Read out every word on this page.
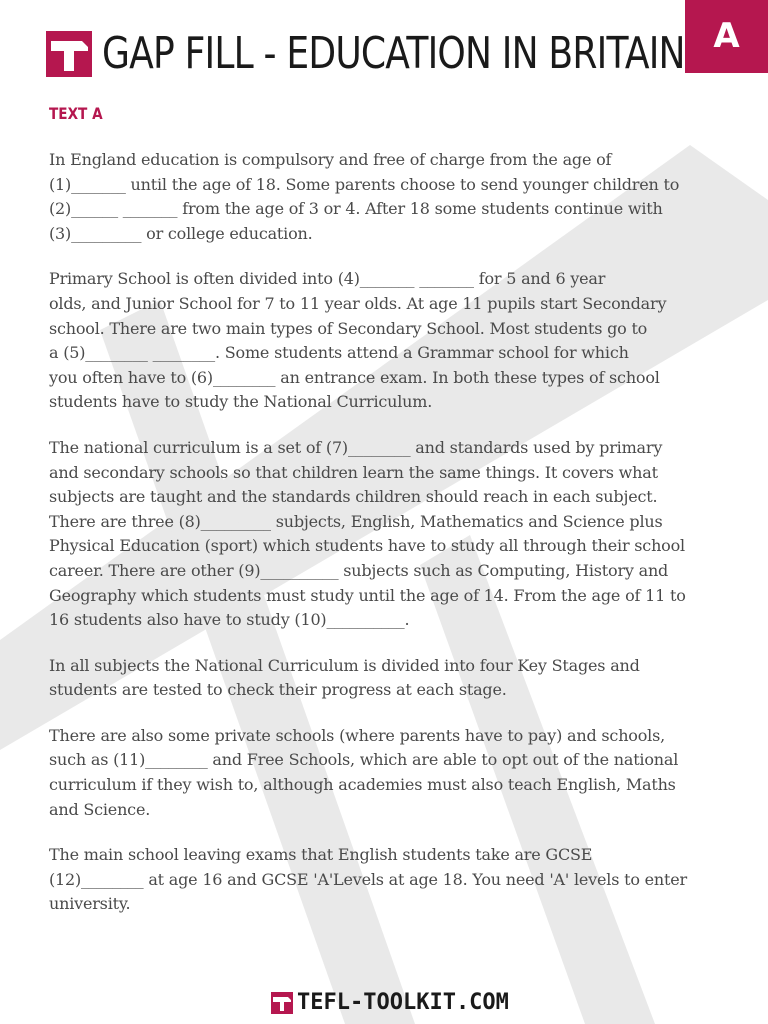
A
GAP FILL - EDUCATION IN BRITAIN
TEXT A

In England education is compulsory and free of charge from the age of
(1)_______ until the age of 18. Some parents choose to send younger children to
(2)______ _______ from the age of 3 or 4. After 18 some students continue with
(3)_________ or college education.

Primary School is often divided into (4)_______ _______ for 5 and 6 year
olds, and Junior School for 7 to 11 year olds. At age 11 pupils start Secondary
school. There are two main types of Secondary School. Most students go to
a (5)________ ________. Some students attend a Grammar school for which
you often have to (6)________ an entrance exam. In both these types of school
students have to study the National Curriculum.

The national curriculum is a set of (7)________ and standards used by primary
and secondary schools so that children learn the same things. It covers what
subjects are taught and the standards children should reach in each subject.
There are three (8)_________ subjects, English, Mathematics and Science plus
Physical Education (sport) which students have to study all through their school
career. There are other (9)__________ subjects such as Computing, History and
Geography which students must study until the age of 14. From the age of 11 to
16 students also have to study (10)__________.

In all subjects the National Curriculum is divided into four Key Stages and
students are tested to check their progress at each stage.

There are also some private schools (where parents have to pay) and schools,
such as (11)________ and Free Schools, which are able to opt out of the national
curriculum if they wish to, although academies must also teach English, Maths
and Science.

The main school leaving exams that English students take are GCSE
(12)________ at age 16 and GCSE 'A'Levels at age 18. You need 'A' levels to enter
university.

TEFL-TOOLKIT.COM
